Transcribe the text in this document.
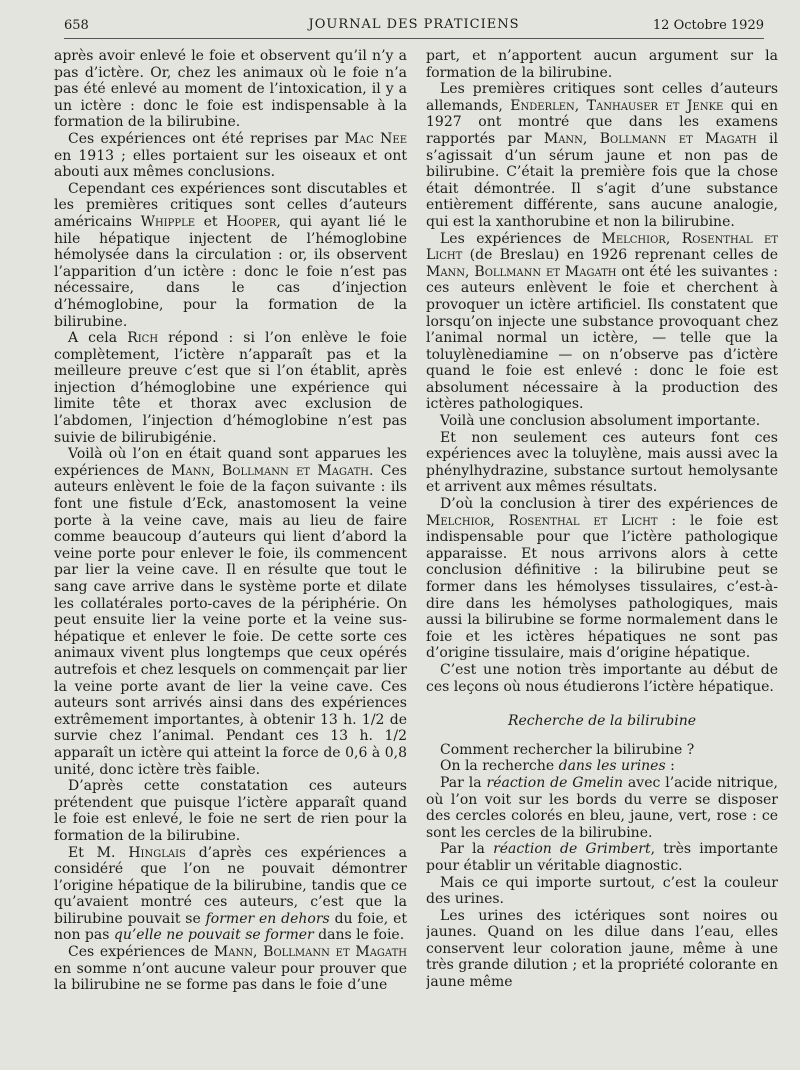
658	JOURNAL DES PRATICIENS	12 Octobre 1929

après avoir enlevé le foie et observent qu’il n’y a pas d’ictère. Or, chez les animaux où le foie n’a pas été enlevé au moment de l’intoxication, il y a un ictère : donc le foie est indispensable à la formation de la bilirubine.

Ces expériences ont été reprises par Mac Nee en 1913 ; elles portaient sur les oiseaux et ont abouti aux mêmes conclusions.

Cependant ces expériences sont discutables et les premières critiques sont celles d’auteurs américains Whipple et Hooper, qui ayant lié le hile hépatique injectent de l’hémoglobine hémolysée dans la circulation : or, ils observent l’apparition d’un ictère : donc le foie n’est pas nécessaire, dans le cas d’injection d’hémoglobine, pour la formation de la bilirubine.

A cela Rich répond : si l’on enlève le foie complètement, l’ictère n’apparaît pas et la meilleure preuve c’est que si l’on établit, après injection d’hémoglobine une expérience qui limite tête et thorax avec exclusion de l’abdomen, l’injection d’hémoglobine n’est pas suivie de bilirubigénie.

Voilà où l’on en était quand sont apparues les expériences de Mann, Bollmann et Magath. Ces auteurs enlèvent le foie de la façon suivante : ils font une fistule d’Eck, anastomosent la veine porte à la veine cave, mais au lieu de faire comme beaucoup d’auteurs qui lient d’abord la veine porte pour enlever le foie, ils commencent par lier la veine cave. Il en résulte que tout le sang cave arrive dans le système porte et dilate les collatérales porto-caves de la périphérie. On peut ensuite lier la veine porte et la veine sus-hépatique et enlever le foie. De cette sorte ces animaux vivent plus longtemps que ceux opérés autrefois et chez lesquels on commençait par lier la veine porte avant de lier la veine cave. Ces auteurs sont arrivés ainsi dans des expériences extrêmement importantes, à obtenir 13 h. 1/2 de survie chez l’animal. Pendant ces 13 h. 1/2 apparaît un ictère qui atteint la force de 0,6 à 0,8 unité, donc ictère très faible.

D’après cette constatation ces auteurs prétendent que puisque l’ictère apparaît quand le foie est enlevé, le foie ne sert de rien pour la formation de la bilirubine.

Et M. Hinglais d’après ces expériences a considéré que l’on ne pouvait démontrer l’origine hépatique de la bilirubine, tandis que ce qu’avaient montré ces auteurs, c’est que la bilirubine pouvait se former en dehors du foie, et non pas qu’elle ne pouvait se former dans le foie.

Ces expériences de Mann, Bollmann et Magath en somme n’ont aucune valeur pour prouver que la bilirubine ne se forme pas dans le foie d’une

part, et n’apportent aucun argument sur la formation de la bilirubine.

Les premières critiques sont celles d’auteurs allemands, Enderlen, Tanhauser et Jenke qui en 1927 ont montré que dans les examens rapportés par Mann, Bollmann et Magath il s’agissait d’un sérum jaune et non pas de bilirubine. C’était la première fois que la chose était démontrée. Il s’agit d’une substance entièrement différente, sans aucune analogie, qui est la xanthorubine et non la bilirubine.

Les expériences de Melchior, Rosenthal et Licht (de Breslau) en 1926 reprenant celles de Mann, Bollmann et Magath ont été les suivantes : ces auteurs enlèvent le foie et cherchent à provoquer un ictère artificiel. Ils constatent que lorsqu’on injecte une substance provoquant chez l’animal normal un ictère, — telle que la toluylènediamine — on n’observe pas d’ictère quand le foie est enlevé : donc le foie est absolument nécessaire à la production des ictères pathologiques.

Voilà une conclusion absolument importante.

Et non seulement ces auteurs font ces expériences avec la toluylène, mais aussi avec la phénylhydrazine, substance surtout hemolysante et arrivent aux mêmes résultats.

D’où la conclusion à tirer des expériences de Melchior, Rosenthal et Licht : le foie est indispensable pour que l’ictère pathologique apparaisse. Et nous arrivons alors à cette conclusion définitive : la bilirubine peut se former dans les hémolyses tissulaires, c’est-à-dire dans les hémolyses pathologiques, mais aussi la bilirubine se forme normalement dans le foie et les ictères hépatiques ne sont pas d’origine tissulaire, mais d’origine hépatique.

C’est une notion très importante au début de ces leçons où nous étudierons l’ictère hépatique.

Recherche de la bilirubine

Comment rechercher la bilirubine ?

On la recherche dans les urines :

Par la réaction de Gmelin avec l’acide nitrique, où l’on voit sur les bords du verre se disposer des cercles colorés en bleu, jaune, vert, rose : ce sont les cercles de la bilirubine.

Par la réaction de Grimbert, très importante pour établir un véritable diagnostic.

Mais ce qui importe surtout, c’est la couleur des urines.

Les urines des ictériques sont noires ou jaunes. Quand on les dilue dans l’eau, elles conservent leur coloration jaune, même à une très grande dilution ; et la propriété colorante en jaune même
